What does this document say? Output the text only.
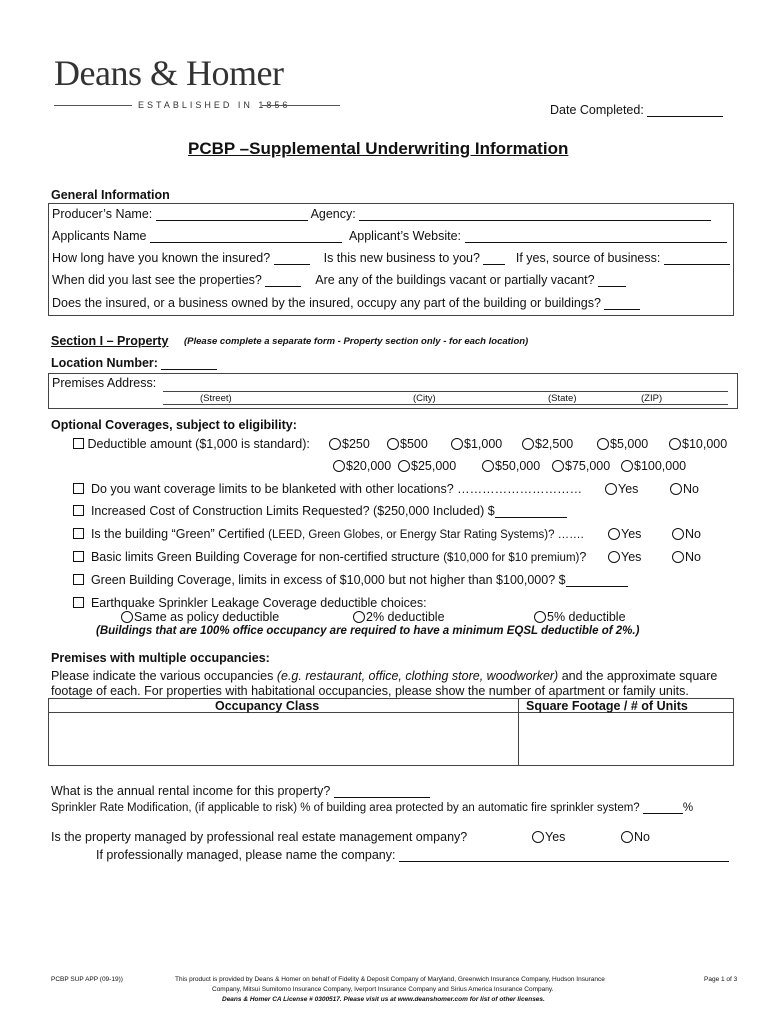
Deans & Homer
ESTABLISHED IN 1856	Date Completed:
PCBP –Supplemental Underwriting Information
General Information
Producer’s Name:	Agency:
Applicants Name	Applicant’s Website:
How long have you known the insured?	Is this new business to you?	If yes, source of business:
When did you last see the properties?	Are any of the buildings vacant or partially vacant?
Does the insured, or a business owned by the insured, occupy any part of the building or buildings?
Section I – Property (Please complete a separate form - Property section only - for each location)
Location Number:
Premises Address:
(Street)	(City)	(State)	(ZIP)
Optional Coverages, subject to eligibility:
Deductible amount ($1,000 is standard):	$250	$500	$1,000	$2,500	$5,000	$10,000
$20,000	$25,000	$50,000	$75,000	$100,000
Do you want coverage limits to be blanketed with other locations? …………………………	Yes	No
Increased Cost of Construction Limits Requested? ($250,000 Included) $
Is the building “Green” Certified (LEED, Green Globes, or Energy Star Rating Systems)? …….	Yes	No
Basic limits Green Building Coverage for non-certified structure ($10,000 for $10 premium)?	Yes	No
Green Building Coverage, limits in excess of $10,000 but not higher than $100,000? $
Earthquake Sprinkler Leakage Coverage deductible choices:
Same as policy deductible	2% deductible	5% deductible
(Buildings that are 100% office occupancy are required to have a minimum EQSL deductible of 2%.)
Premises with multiple occupancies:
Please indicate the various occupancies (e.g. restaurant, office, clothing store, woodworker) and the approximate square
footage of each. For properties with habitational occupancies, please show the number of apartment or family units.
Occupancy Class	Square Footage / # of Units
What is the annual rental income for this property?
Sprinkler Rate Modification, (if applicable to risk) % of building area protected by an automatic fire sprinkler system?	%
Is the property managed by professional real estate management ompany?	Yes	No
If professionally managed, please name the company:
PCBP SUP APP (09-19))	This product is provided by Deans & Homer on behalf of Fidelity & Deposit Company of Maryland, Greenwich Insurance Company, Hudson Insurance
Company, Mitsui Sumitomo Insurance Company, Iverport Insurance Company and Sirius America Insurance Company.
Deans & Homer CA License # 0300517. Please visit us at www.deanshomer.com for list of other licenses.
Page 1 of 3
